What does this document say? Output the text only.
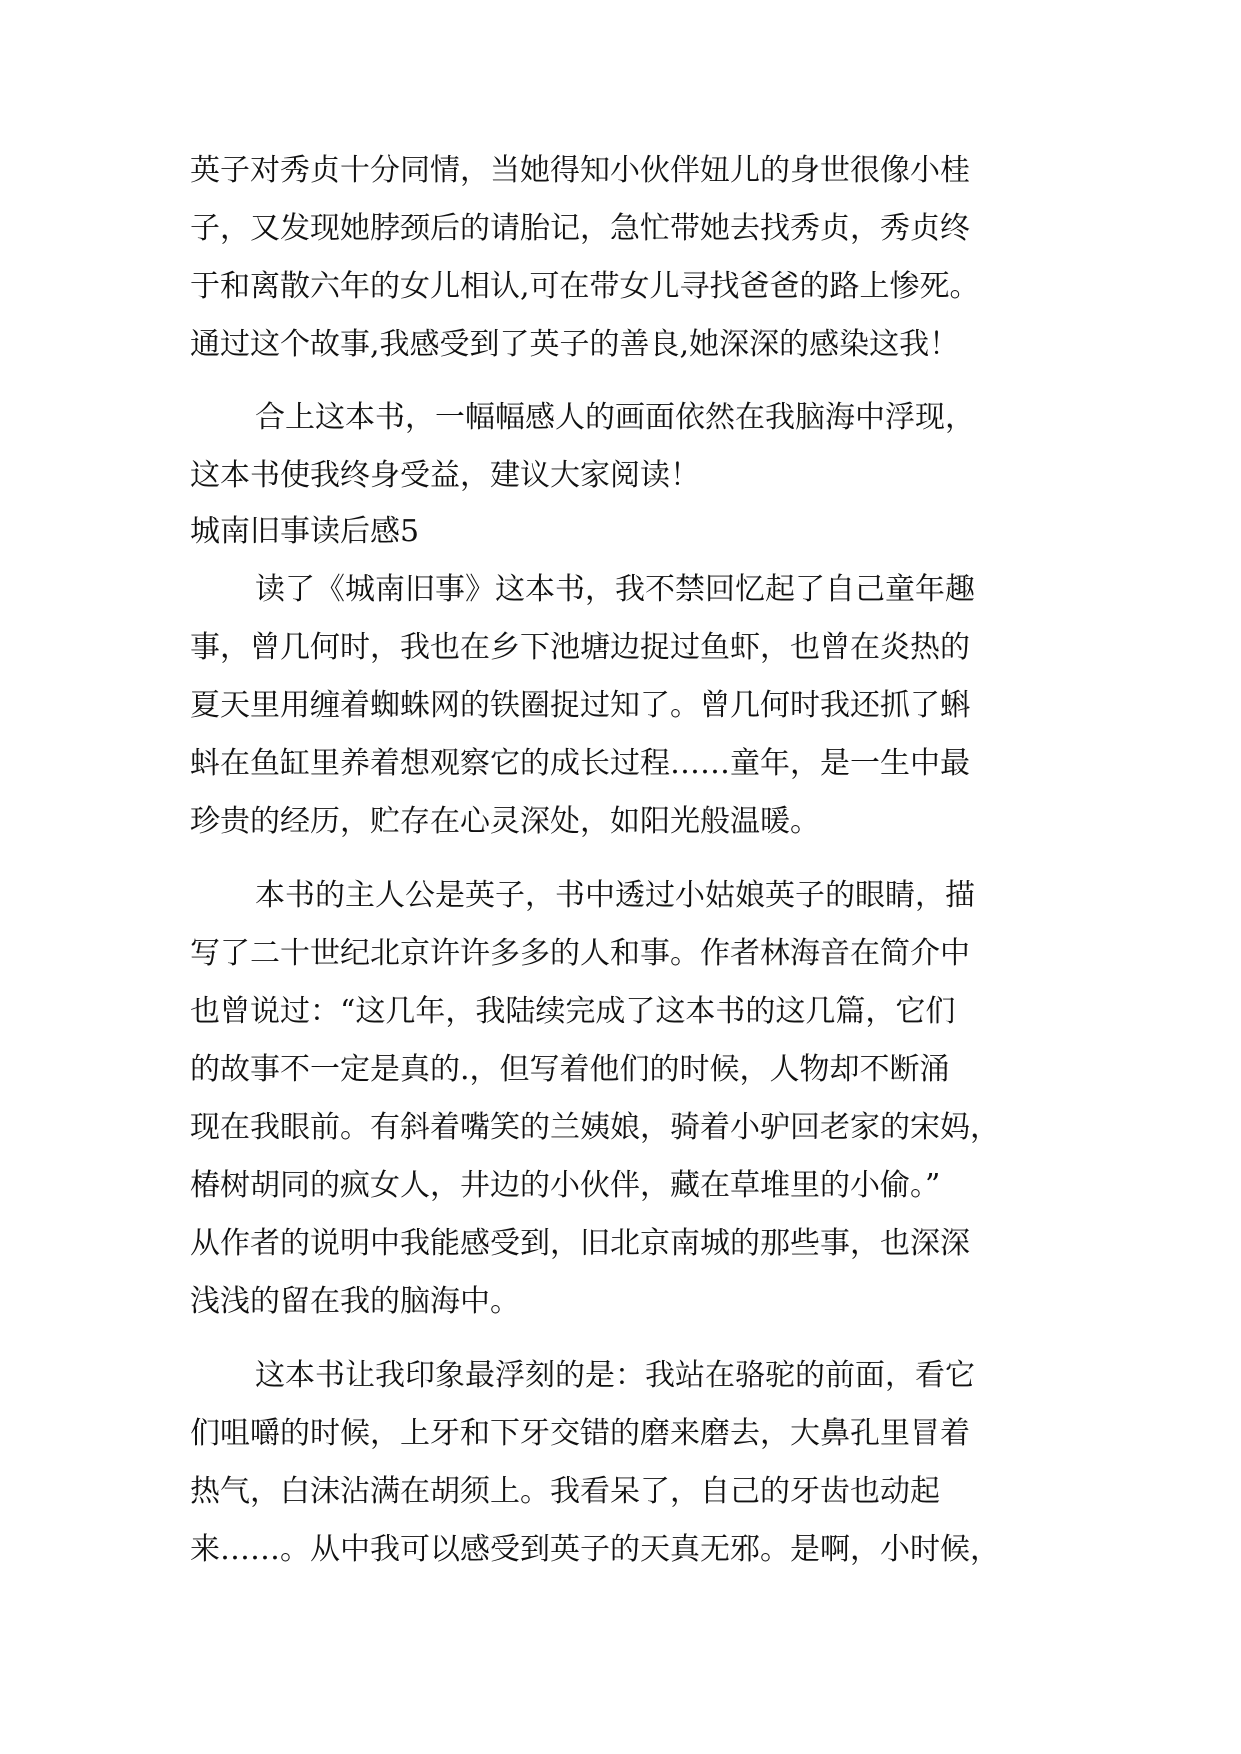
英子对秀贞十分同情，当她得知小伙伴妞儿的身世很像小桂
子，又发现她脖颈后的请胎记，急忙带她去找秀贞，秀贞终
于和离散六年的女儿相认,可在带女儿寻找爸爸的路上惨死。
通过这个故事,我感受到了英子的善良,她深深的感染这我！
合上这本书，一幅幅感人的画面依然在我脑海中浮现，
这本书使我终身受益，建议大家阅读！
城南旧事读后感5
读了《城南旧事》这本书，我不禁回忆起了自己童年趣
事，曾几何时，我也在乡下池塘边捉过鱼虾，也曾在炎热的
夏天里用缠着蜘蛛网的铁圈捉过知了。曾几何时我还抓了蝌
蚪在鱼缸里养着想观察它的成长过程……童年，是一生中最
珍贵的经历，贮存在心灵深处，如阳光般温暖。
本书的主人公是英子，书中透过小姑娘英子的眼睛，描
写了二十世纪北京许许多多的人和事。作者林海音在简介中
也曾说过：“这几年，我陆续完成了这本书的这几篇，它们
的故事不一定是真的.，但写着他们的时候，人物却不断涌
现在我眼前。有斜着嘴笑的兰姨娘，骑着小驴回老家的宋妈，
椿树胡同的疯女人，井边的小伙伴，藏在草堆里的小偷。”
从作者的说明中我能感受到，旧北京南城的那些事，也深深
浅浅的留在我的脑海中。
这本书让我印象最浮刻的是：我站在骆驼的前面，看它
们咀嚼的时候，上牙和下牙交错的磨来磨去，大鼻孔里冒着
热气，白沫沾满在胡须上。我看呆了，自己的牙齿也动起
来……。从中我可以感受到英子的天真无邪。是啊，小时候，
